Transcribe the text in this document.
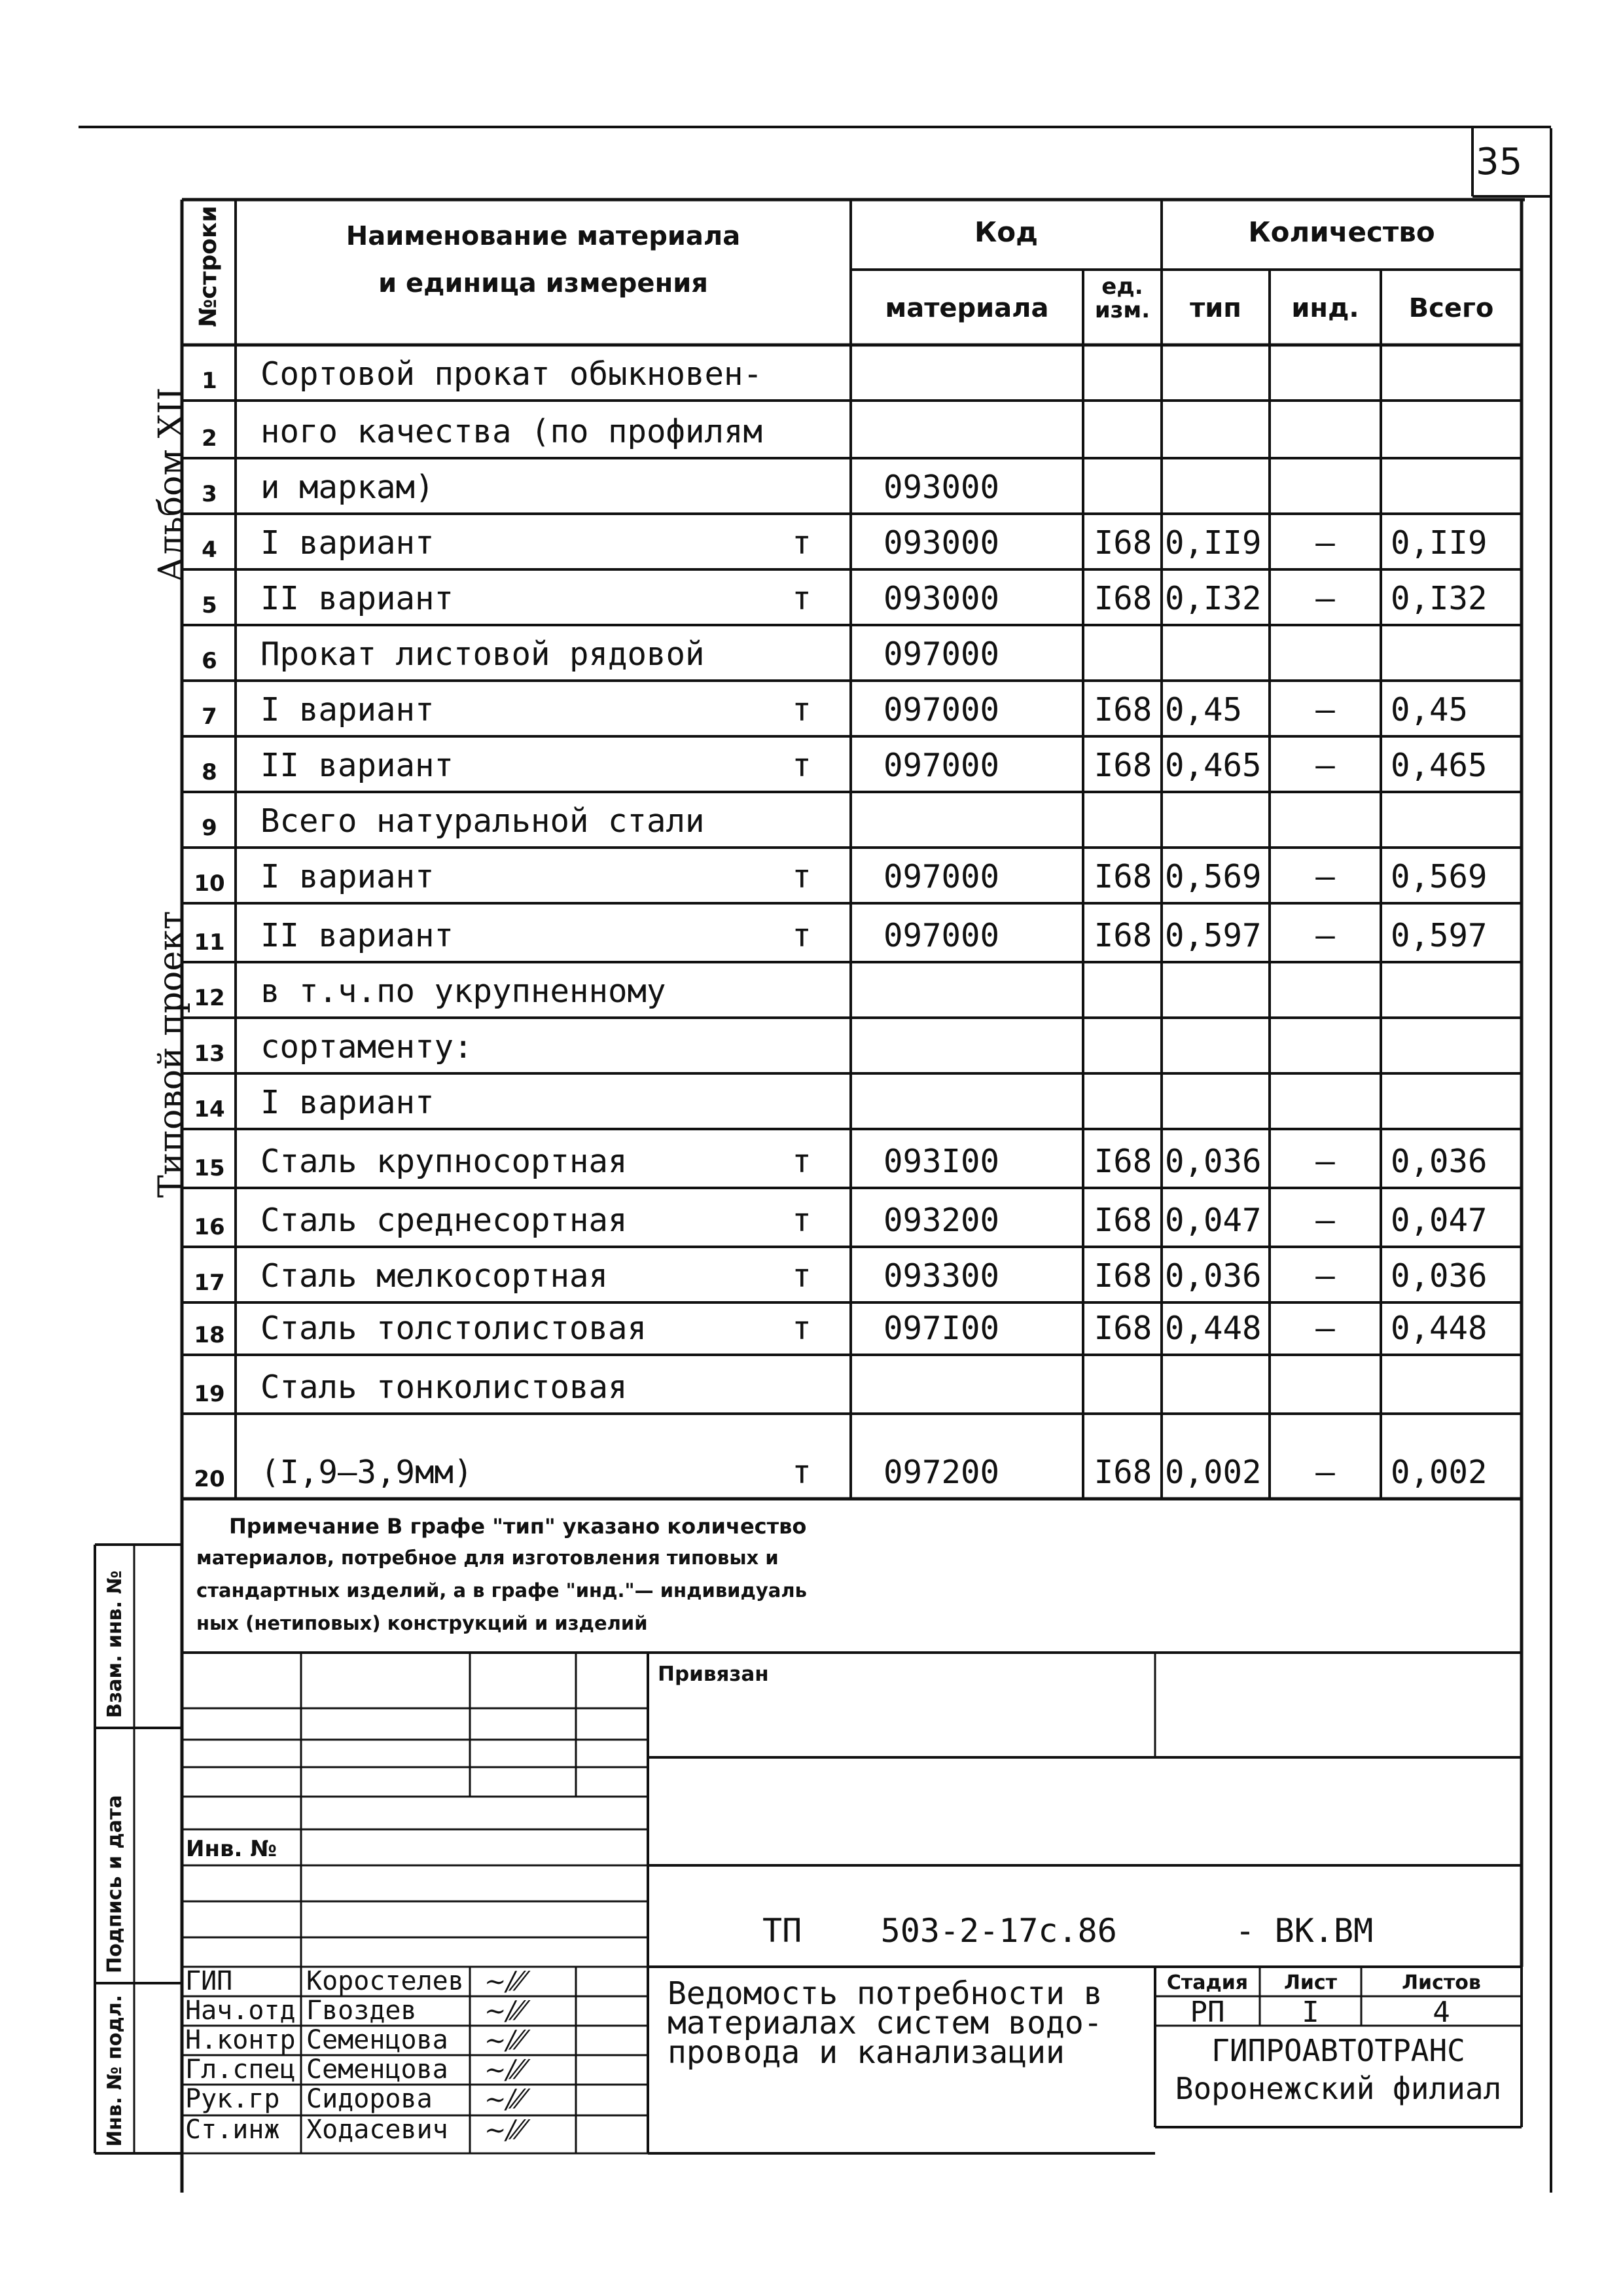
35
Альбом XII
Типовой проект
№строки	Наименование материала
и единица измерения
Код
материала
ед. изм.
Количество
тип	инд.	Всего
1	Сортовой прокат обыкновен-
2	ного качества (по профилям
3	и маркам)	093000
4	I вариант	т 093000	I68 0,II9	–	0,II9
5	II вариант	т 093000	I68 0,I32	–	0,I32
6	Прокат листовой рядовой	097000
7	I вариант	т 097000	I68 0,45	–	0,45
8	II вариант	т 097000	I68 0,465	–	0,465
9	Всего натуральной стали
10 I вариант	т 097000	I68 0,569	–	0,569
11 II вариант	т 097000	I68 0,597	–	0,597
12 в т.ч.по укрупненному
13 сортаменту:
14 I вариант
15 Сталь крупносортная	т 093I00	I68 0,036	–	0,036
16 Сталь среднесортная	т 093200	I68 0,047	–	0,047
17 Сталь мелкосортная	т 093300	I68 0,036	–	0,036
18 Сталь толстолистовая	т 097I00	I68 0,448	–	0,448
19 Сталь тонколистовая
20 (I,9–3,9мм)	т 097200	I68 0,002	–	0,002
Примечание В графе "тип" указано количество
материалов, потребное для изготовления типовых и
стандартных изделий, а в графе "инд."— индивидуаль
ных (нетиповых) конструкций и изделий
Взам. инв. №
Подпись и дата
Инв. № подл.
Привязан
Инв. №
ТП    503-2-17с.86      - ВК.ВМ
ГИП	Коростелев ∼/⁄⁄
Нач.отд Гвоздев	∼/⁄⁄
Н.контр Семенцова ∼/⁄⁄
Гл.спец Семенцова ∼/⁄⁄
Рук.гр Сидорова ∼/⁄⁄
Ст.инж Ходасевич ∼/⁄⁄
Ведомость потребности в
материалах систем водо-
провода и канализации
Стадия	Лист	Листов
РП	I	4
ГИПРОАВТОТРАНС
Воронежский филиал
